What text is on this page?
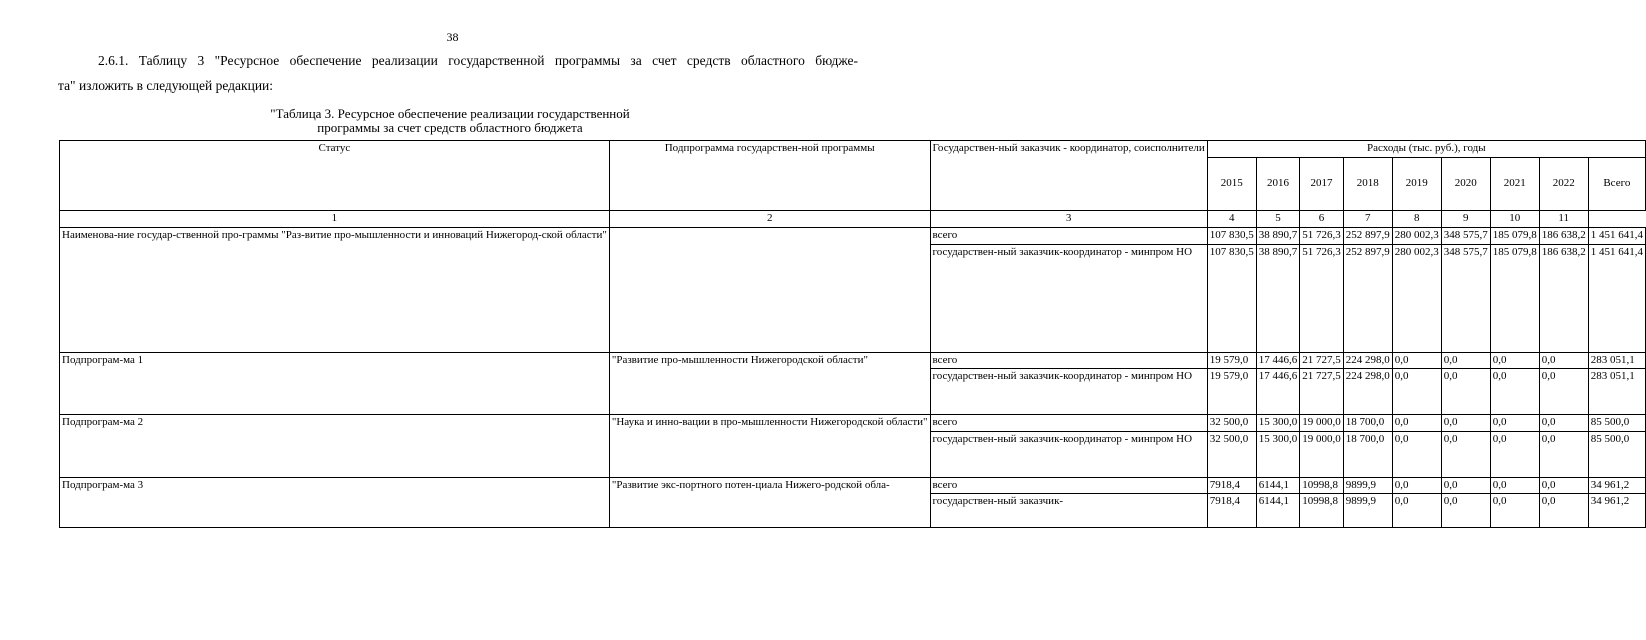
38
2.6.1. Таблицу 3 "Ресурсное обеспечение реализации государственной программы за счет средств областного бюдже-
та" изложить в следующей редакции:
"Таблица 3. Ресурсное обеспечение реализации государственной
программы за счет средств областного бюджета
Статус	Подпрограмма государствен-ной программы	Государствен-ный заказчик - координатор, соисполнители	Расходы (тыс. руб.), годы								
			2015	2016	2017	2018	2019	2020	2021	2022	Всего
1	2	3	4	5	6	7	8	9	10	11	
Наименова-ние государ-ственной про-граммы "Раз-витие про-мышленности и инноваций Нижегород-ской области"		всего	107 830,5	38 890,7	51 726,3	252 897,9	280 002,3	348 575,7	185 079,8	186 638,2	1 451 641,4
		государствен-ный заказчик-координатор - минпром НО	107 830,5	38 890,7	51 726,3	252 897,9	280 002,3	348 575,7	185 079,8	186 638,2	1 451 641,4
Подпрограм-ма 1	"Развитие про-мышленности Нижегородской области"	всего	19 579,0	17 446,6	21 727,5	224 298,0	0,0	0,0	0,0	0,0	283 051,1
		государствен-ный заказчик-координатор - минпром НО	19 579,0	17 446,6	21 727,5	224 298,0	0,0	0,0	0,0	0,0	283 051,1
Подпрограм-ма 2	"Наука и инно-вации в про-мышленности Нижегородской области"	всего	32 500,0	15 300,0	19 000,0	18 700,0	0,0	0,0	0,0	0,0	85 500,0
		государствен-ный заказчик-координатор - минпром НО	32 500,0	15 300,0	19 000,0	18 700,0	0,0	0,0	0,0	0,0	85 500,0
Подпрограм-ма 3	"Развитие экс-портного потен-циала Нижего-родской обла-	всего	7918,4	6144,1	10998,8	9899,9	0,0	0,0	0,0	0,0	34 961,2
		государствен-ный заказчик-	7918,4	6144,1	10998,8	9899,9	0,0	0,0	0,0	0,0	34 961,2
